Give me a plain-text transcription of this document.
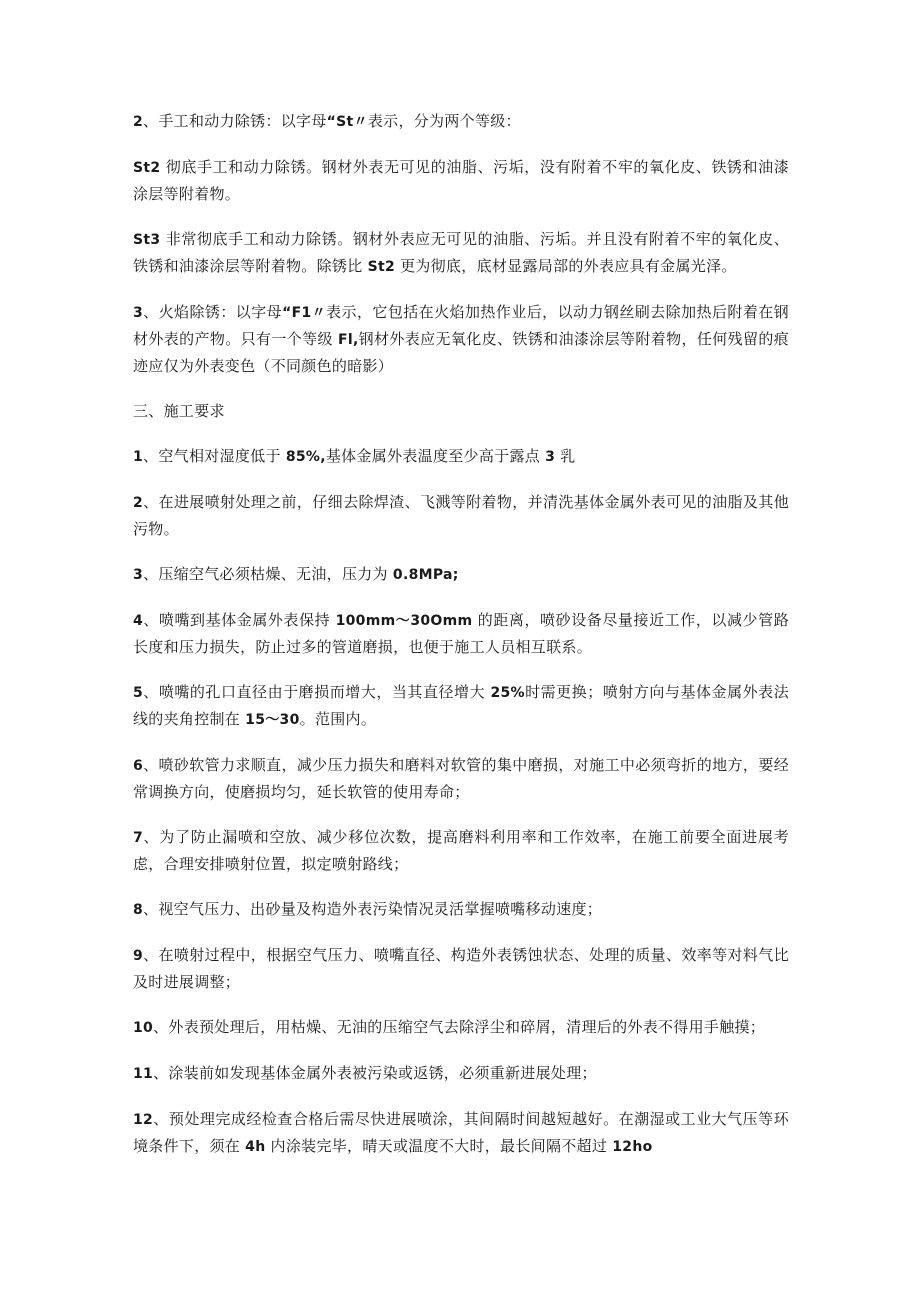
2、手工和动力除锈：以字母“St〃表示，分为两个等级：

St2 彻底手工和动力除锈。钢材外表无可见的油脂、污垢，没有附着不牢的氧化皮、铁锈和油漆涂层等附着物。

St3 非常彻底手工和动力除锈。钢材外表应无可见的油脂、污垢。并且没有附着不牢的氧化皮、铁锈和油漆涂层等附着物。除锈比 St2 更为彻底，底材显露局部的外表应具有金属光泽。

3、火焰除锈：以字母“F1〃表示，它包括在火焰加热作业后，以动力钢丝刷去除加热后附着在钢材外表的产物。只有一个等级 Fl,钢材外表应无氧化皮、铁锈和油漆涂层等附着物，任何残留的痕迹应仅为外表变色（不同颜色的暗影）

三、施工要求

1、空气相对湿度低于 85%,基体金属外表温度至少高于露点 3 乳

2、在进展喷射处理之前，仔细去除焊渣、飞溅等附着物，并清洗基体金属外表可见的油脂及其他污物。

3、压缩空气必须枯燥、无油，压力为 0.8MPa;

4、喷嘴到基体金属外表保持 100mm～30Omm 的距离，喷砂设备尽量接近工作，以减少管路长度和压力损失，防止过多的管道磨损，也便于施工人员相互联系。

5、喷嘴的孔口直径由于磨损而增大，当其直径增大 25%时需更换；喷射方向与基体金属外表法线的夹角控制在 15～30。范围内。

6、喷砂软管力求顺直，减少压力损失和磨料对软管的集中磨损，对施工中必须弯折的地方，要经常调换方向，使磨损均匀，延长软管的使用寿命；

7、为了防止漏喷和空放、减少移位次数，提高磨料利用率和工作效率，在施工前要全面进展考虑，合理安排喷射位置，拟定喷射路线；

8、视空气压力、出砂量及构造外表污染情况灵活掌握喷嘴移动速度；

9、在喷射过程中，根据空气压力、喷嘴直径、构造外表锈蚀状态、处理的质量、效率等对料气比及时进展调整；

10、外表预处理后，用枯燥、无油的压缩空气去除浮尘和碎屑，清理后的外表不得用手触摸；

11、涂装前如发现基体金属外表被污染或返锈，必须重新进展处理；

12、预处理完成经检查合格后需尽快进展喷涂，其间隔时间越短越好。在潮湿或工业大气压等环境条件下，须在 4h 内涂装完毕，晴天或温度不大时，最长间隔不超过 12ho
